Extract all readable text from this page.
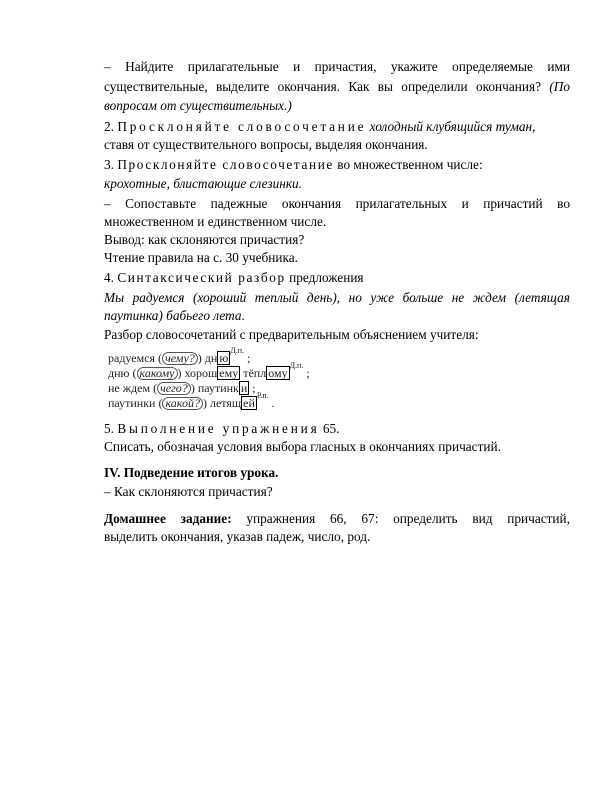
– Найдите прилагательные и причастия, укажите определяемые ими
существительные, выделите окончания. Как вы определили окончания? (По
вопросам от существительных.)
2. Просклоняйте словосочетание холодный клубящийся туман,
ставя от существительного вопросы, выделяя окончания.
3. Просклоняйте словосочетание во множественном числе:
крохотные, блистающие слезинки.
– Сопоставьте падежные окончания прилагательных и причастий во
множественном и единственном числе.
Вывод: как склоняются причастия?
Чтение правила на с. 30 учебника.
4. Синтаксический разбор предложения
Мы радуемся (хороший теплый день), но уже больше не ждем (летящая
паутинка) бабьего лета.
Разбор словосочетаний с предварительным объяснением учителя:
радуемся ( чему? ) дн $ю^{Д.п.}$ ;
дню ( какому ) хорош ему тёпл ому$^{Д.п.}$ ;
не ждем ( чего? ) паутинк и ;
паутинки ( какой? ) летящ $ей^{Р.п.}$ .
5. Выполнение упражнения 65.
Списать, обозначая условия выбора гласных в окончаниях причастий.
IV. Подведение итогов урока.
– Как склоняются причастия?
Домашнее задание: упражнения 66, 67: определить вид причастий,
выделить окончания, указав падеж, число, род.
